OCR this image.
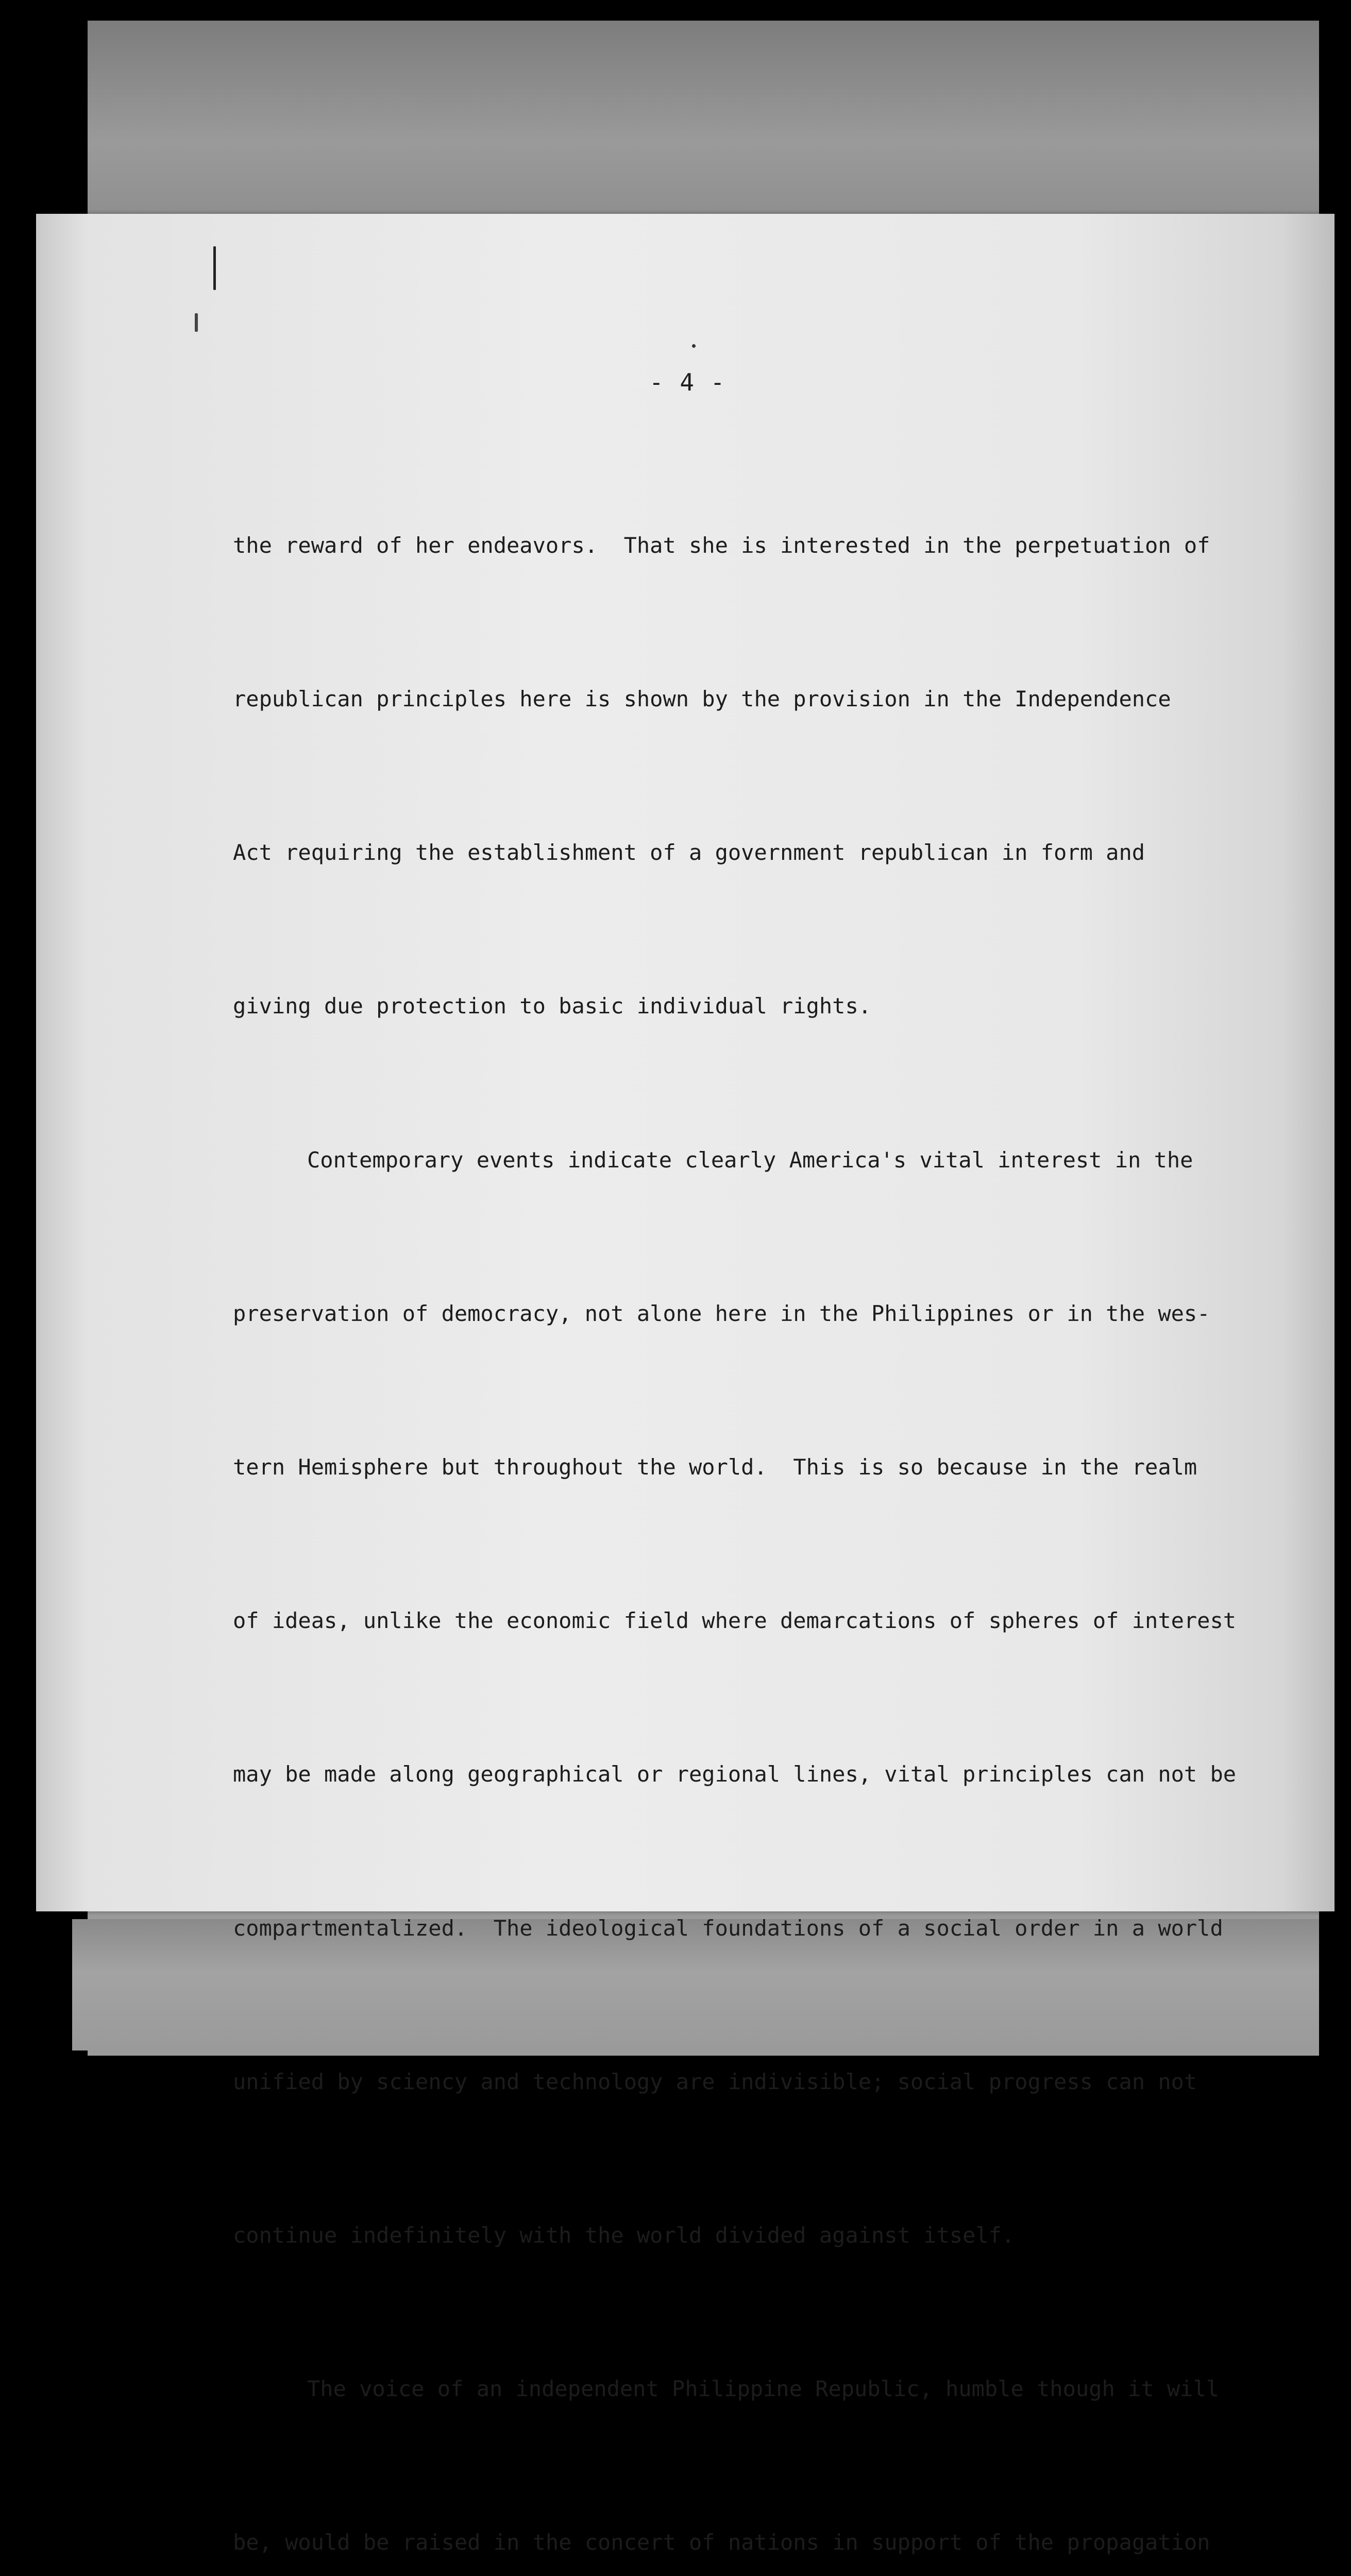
- 4 -

the reward of her endeavors.  That she is interested in the perpetuation of

republican principles here is shown by the provision in the Independence

Act requiring the establishment of a government republican in form and

giving due protection to basic individual rights.

Contemporary events indicate clearly America's vital interest in the

preservation of democracy, not alone here in the Philippines or in the wes-

tern Hemisphere but throughout the world.  This is so because in the realm

of ideas, unlike the economic field where demarcations of spheres of interest

may be made along geographical or regional lines, vital principles can not be

compartmentalized.  The ideological foundations of a social order in a world

unified by sciency and technology are indivisible; social progress can not

continue indefinitely with the world divided against itself.

The voice of an independent Philippine Republic, humble though it will

be, would be raised in the concert of nations in support of the propagation
